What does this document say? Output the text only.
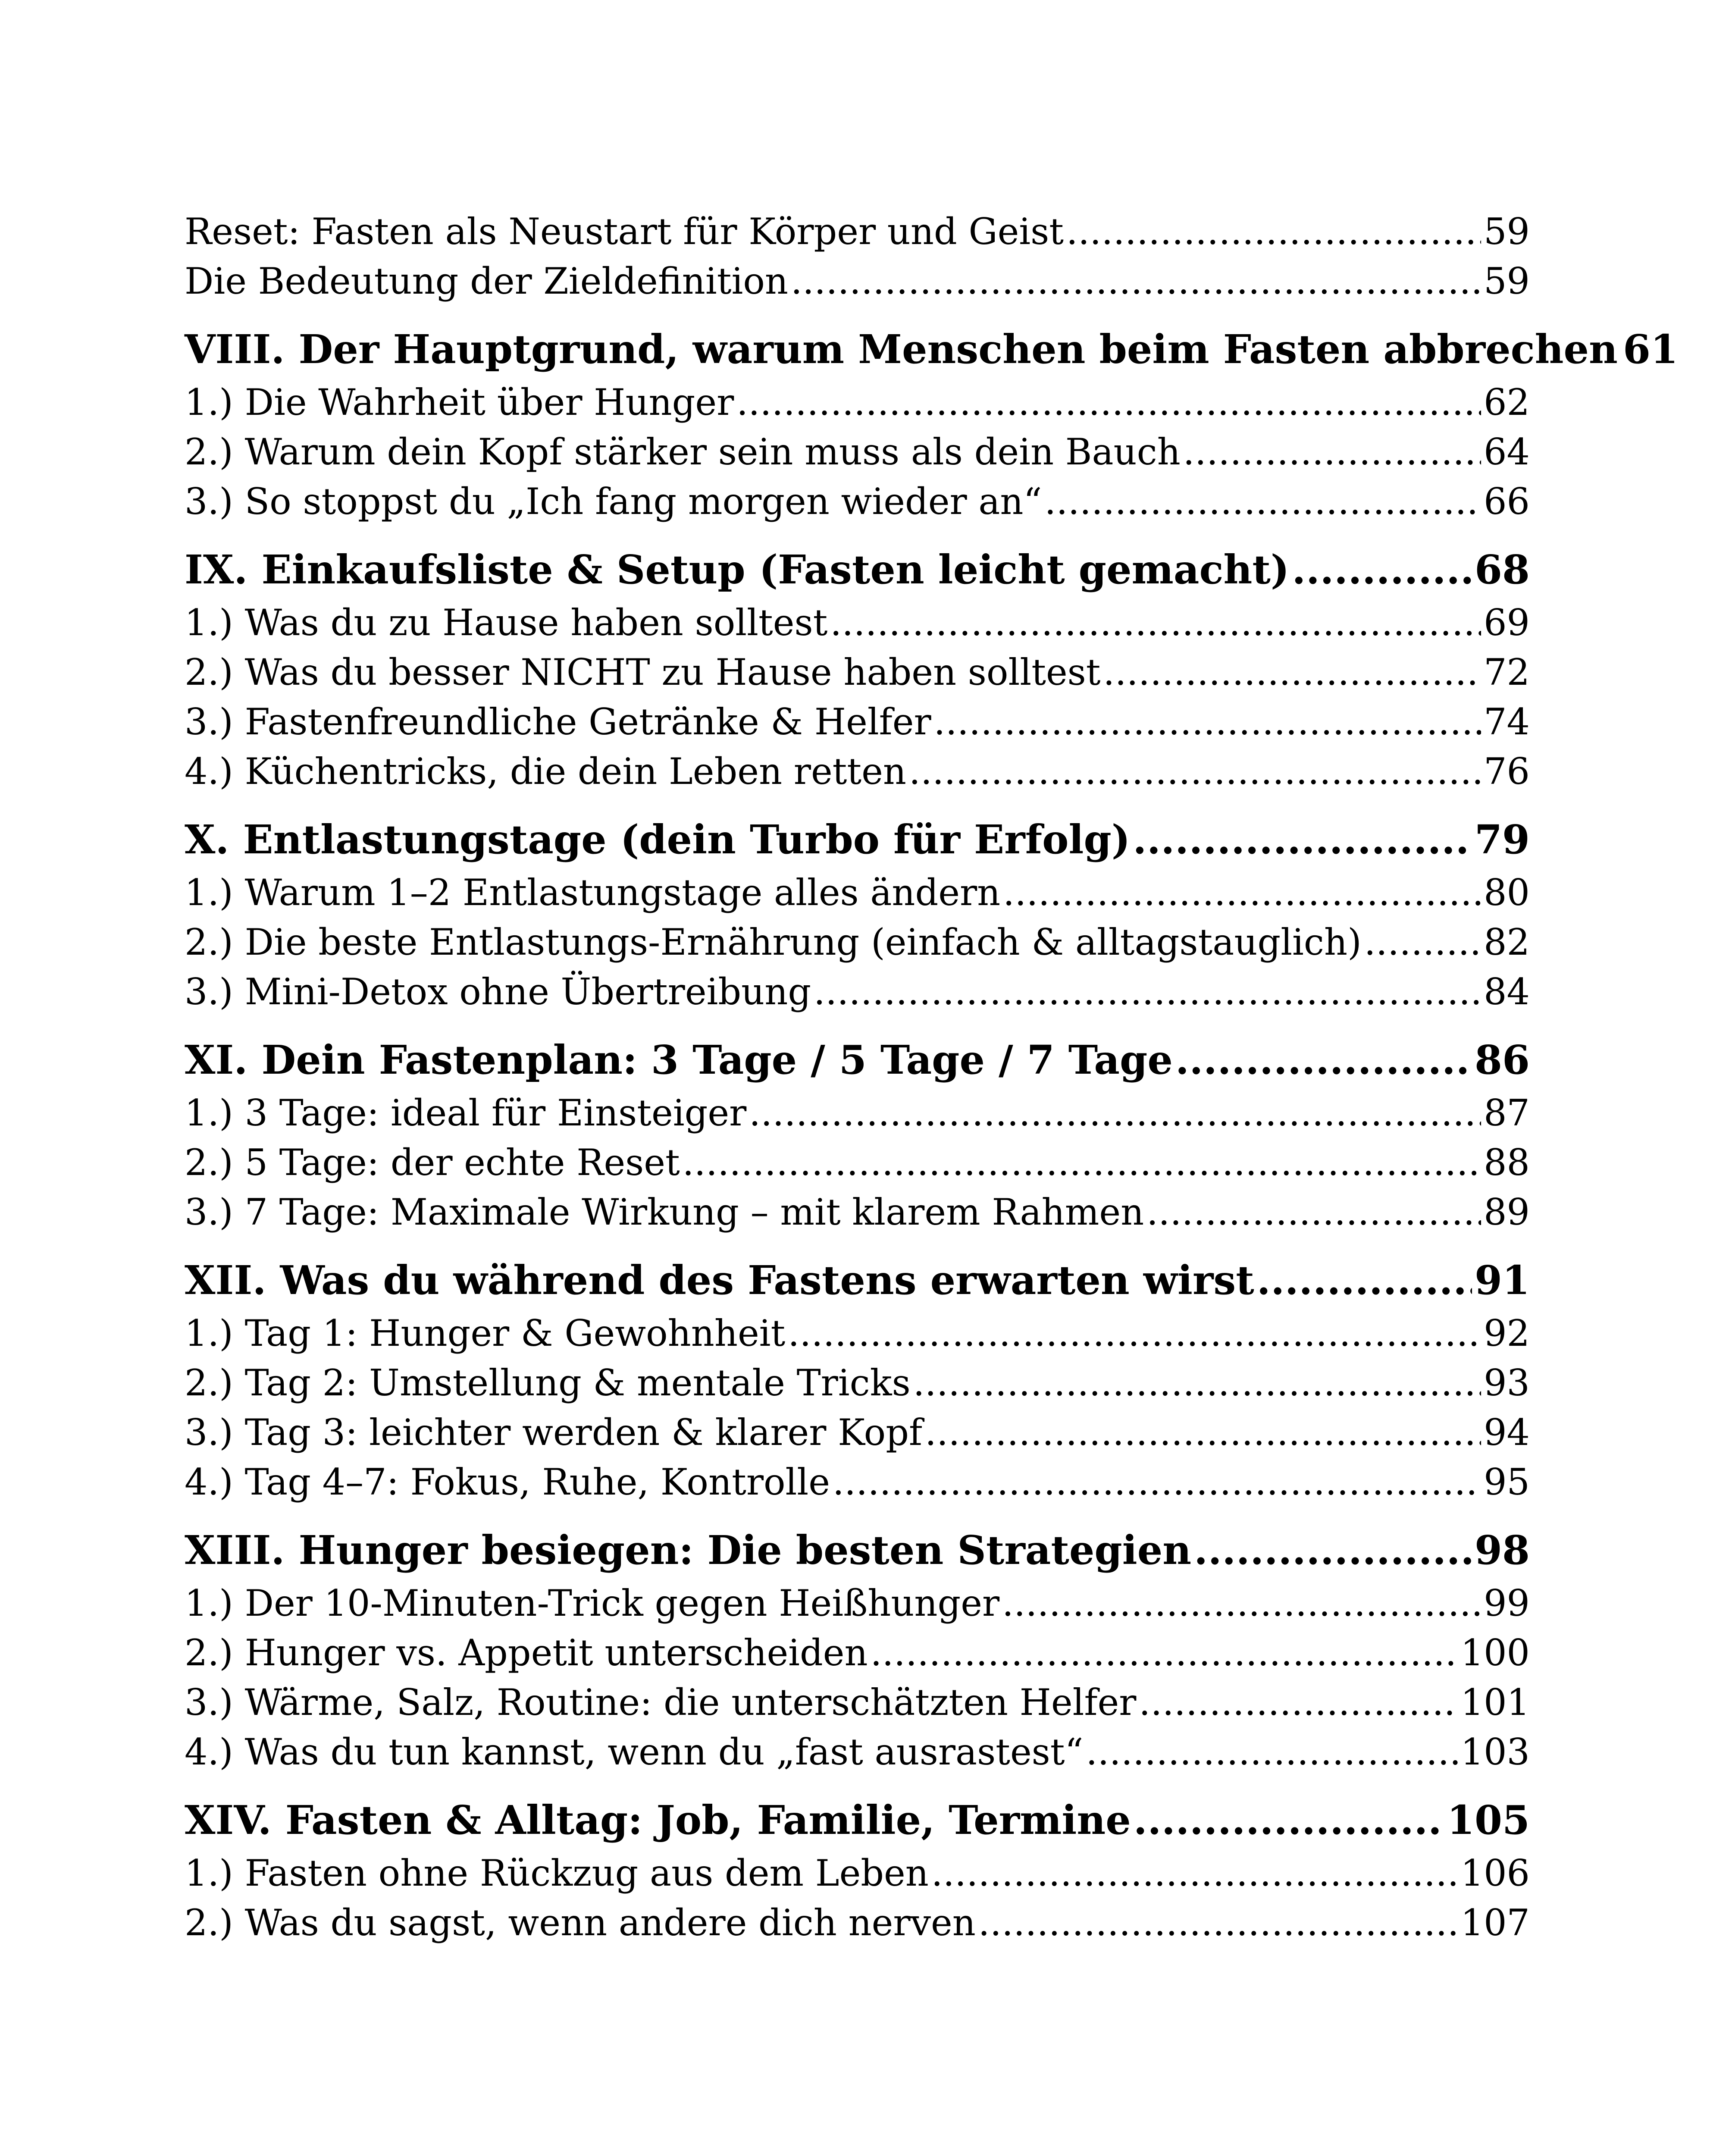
Reset: Fasten als Neustart für Körper und Geist .....	59
Die Bedeutung der Zieldefinition .....	59
VIII. Der Hauptgrund, warum Menschen beim Fasten abbrechen 61
1.) Die Wahrheit über Hunger .....	62
2.) Warum dein Kopf stärker sein muss als dein Bauch .....	64
3.) So stoppst du „Ich fang morgen wieder an“ .....	66
IX. Einkaufsliste & Setup (Fasten leicht gemacht) .....	68
1.) Was du zu Hause haben solltest .....	69
2.) Was du besser NICHT zu Hause haben solltest .....	72
3.) Fastenfreundliche Getränke & Helfer .....	74
4.) Küchentricks, die dein Leben retten .....	76
X. Entlastungstage (dein Turbo für Erfolg) .....	79
1.) Warum 1–2 Entlastungstage alles ändern .....	80
2.) Die beste Entlastungs-Ernährung (einfach & alltagstauglich) .....	82
3.) Mini-Detox ohne Übertreibung .....	84
XI. Dein Fastenplan: 3 Tage / 5 Tage / 7 Tage .....	86
1.) 3 Tage: ideal für Einsteiger .....	87
2.) 5 Tage: der echte Reset .....	88
3.) 7 Tage: Maximale Wirkung – mit klarem Rahmen .....	89
XII. Was du während des Fastens erwarten wirst .....	91
1.) Tag 1: Hunger & Gewohnheit .....	92
2.) Tag 2: Umstellung & mentale Tricks .....	93
3.) Tag 3: leichter werden & klarer Kopf .....	94
4.) Tag 4–7: Fokus, Ruhe, Kontrolle .....	95
XIII. Hunger besiegen: Die besten Strategien .....	98
1.) Der 10-Minuten-Trick gegen Heißhunger .....	99
2.) Hunger vs. Appetit unterscheiden .....	100
3.) Wärme, Salz, Routine: die unterschätzten Helfer .....	101
4.) Was du tun kannst, wenn du „fast ausrastest“ .....	103
XIV. Fasten & Alltag: Job, Familie, Termine .....	105
1.) Fasten ohne Rückzug aus dem Leben .....	106
2.) Was du sagst, wenn andere dich nerven .....	107
